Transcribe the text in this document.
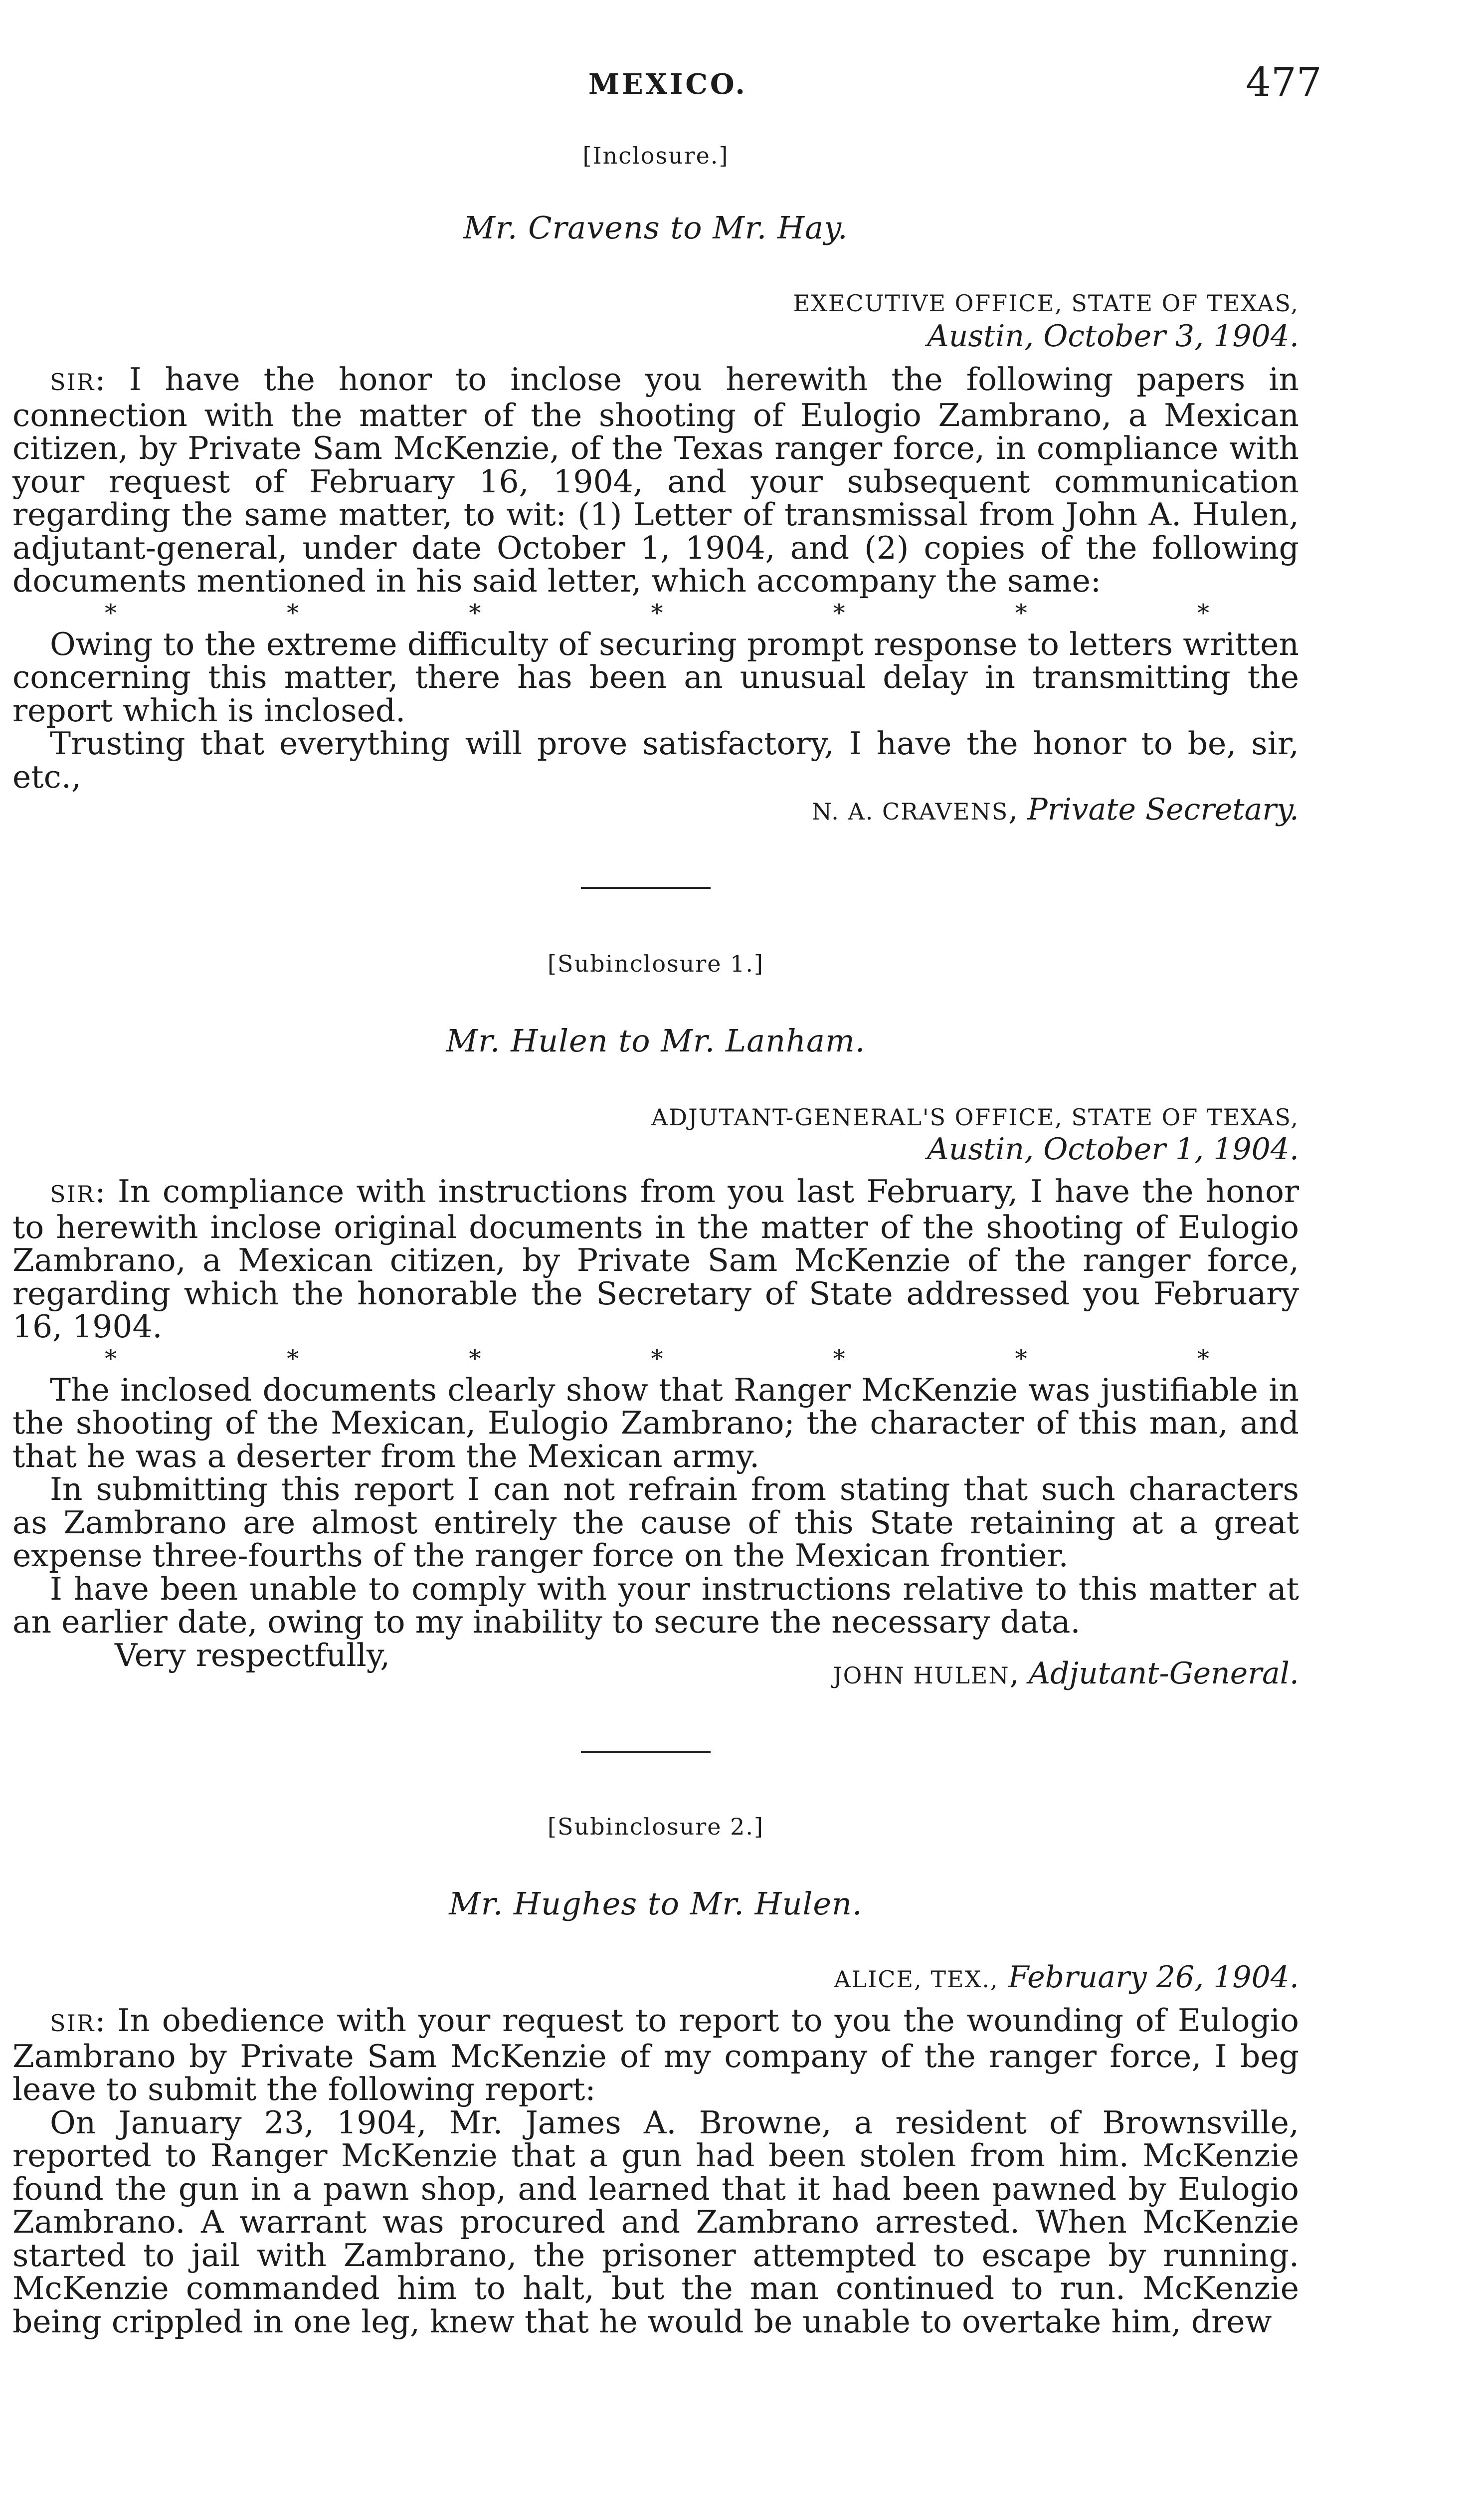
MEXICO.	477
[Inclosure.]
Mr. Cravens to Mr. Hay.
EXECUTIVE OFFICE, STATE OF TEXAS,
Austin, October 3, 1904.

SIR: I have the honor to inclose you herewith the following papers in connection with the matter of the shooting of Eulogio Zambrano, a Mexican citizen, by Private Sam McKenzie, of the Texas ranger force, in compliance with your request of February 16, 1904, and your subsequent communication regarding the same matter, to wit: (1) Letter of transmissal from John A. Hulen, adjutant-general, under date October 1, 1904, and (2) copies of the following documents mentioned in his said letter, which accompany the same:

*	*	*	*	*	*	*

Owing to the extreme difficulty of securing prompt response to letters written concerning this matter, there has been an unusual delay in transmitting the report which is inclosed.

Trusting that everything will prove satisfactory, I have the honor to be, sir, etc.,

N. A. CRAVENS, Private Secretary.
[Subinclosure 1.]
Mr. Hulen to Mr. Lanham.
ADJUTANT-GENERAL'S OFFICE, STATE OF TEXAS,
Austin, October 1, 1904.

SIR: In compliance with instructions from you last February, I have the honor to herewith inclose original documents in the matter of the shooting of Eulogio Zambrano, a Mexican citizen, by Private Sam McKenzie of the ranger force, regarding which the honorable the Secretary of State addressed you February 16, 1904.

*	*	*	*	*	*	*

The inclosed documents clearly show that Ranger McKenzie was justifiable in the shooting of the Mexican, Eulogio Zambrano; the character of this man, and that he was a deserter from the Mexican army.

In submitting this report I can not refrain from stating that such characters as Zambrano are almost entirely the cause of this State retaining at a great expense three-fourths of the ranger force on the Mexican frontier.

I have been unable to comply with your instructions relative to this matter at an earlier date, owing to my inability to secure the necessary data.

Very respectfully,

JOHN HULEN, Adjutant-General.
[Subinclosure 2.]
Mr. Hughes to Mr. Hulen.
ALICE, TEX., February 26, 1904.

SIR: In obedience with your request to report to you the wounding of Eulogio Zambrano by Private Sam McKenzie of my company of the ranger force, I beg leave to submit the following report:

On January 23, 1904, Mr. James A. Browne, a resident of Brownsville, reported to Ranger McKenzie that a gun had been stolen from him. McKenzie found the gun in a pawn shop, and learned that it had been pawned by Eulogio Zambrano. A warrant was procured and Zambrano arrested. When McKenzie started to jail with Zambrano, the prisoner attempted to escape by running. McKenzie commanded him to halt, but the man continued to run. McKenzie being crippled in one leg, knew that he would be unable to overtake him, drew
